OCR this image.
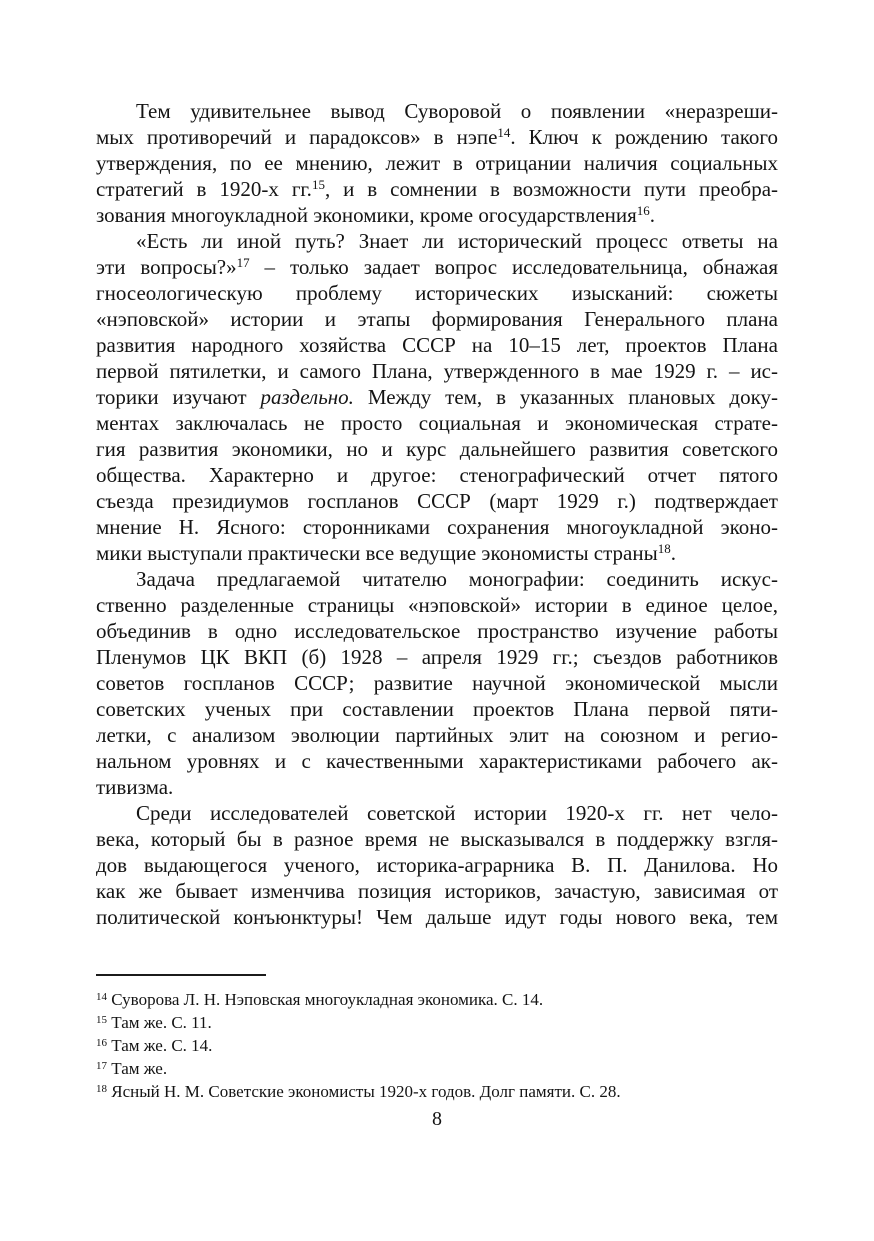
Тем удивительнее вывод Суворовой о появлении «неразреши-
мых противоречий и парадоксов» в нэпе$^{14}$. Ключ к рождению такого
утверждения, по ее мнению, лежит в отрицании наличия социальных
стратегий в 1920-х гг.$^{15}$, и в сомнении в возможности пути преобра-
зования многоукладной экономики, кроме огосударствления$^{16}$.
«Есть ли иной путь? Знает ли исторический процесс ответы на
эти вопросы?»$^{17}$ – только задает вопрос исследовательница, обнажая
гносеологическую проблему исторических изысканий: сюжеты
«нэповской» истории и этапы формирования Генерального плана
развития народного хозяйства СССР на 10–15 лет, проектов Плана
первой пятилетки, и самого Плана, утвержденного в мае 1929 г. – ис-
торики изучают раздельно. Между тем, в указанных плановых доку-
ментах заключалась не просто социальная и экономическая страте-
гия развития экономики, но и курс дальнейшего развития советского
общества. Характерно и другое: стенографический отчет пятого
съезда президиумов госпланов СССР (март 1929 г.) подтверждает
мнение Н. Ясного: сторонниками сохранения многоукладной эконо-
мики выступали практически все ведущие экономисты страны$^{18}$.
Задача предлагаемой читателю монографии: соединить искус-
ственно разделенные страницы «нэповской» истории в единое целое,
объединив в одно исследовательское пространство изучение работы
Пленумов ЦК ВКП (б) 1928 – апреля 1929 гг.; съездов работников
советов госпланов СССР; развитие научной экономической мысли
советских ученых при составлении проектов Плана первой пяти-
летки, с анализом эволюции партийных элит на союзном и регио-
нальном уровнях и с качественными характеристиками рабочего ак-
тивизма.
Среди исследователей советской истории 1920-х гг. нет чело-
века, который бы в разное время не высказывался в поддержку взгля-
дов выдающегося ученого, историка-аграрника В. П. Данилова. Но
как же бывает изменчива позиция историков, зачастую, зависимая от
политической конъюнктуры! Чем дальше идут годы нового века, тем
$^{14}$ Суворова Л. Н. Нэповская многоукладная экономика. С. 14.
$^{15}$ Там же. С. 11.
$^{16}$ Там же. С. 14.
$^{17}$ Там же.
$^{18}$ Ясный Н. М. Советские экономисты 1920-х годов. Долг памяти. С. 28.
8
